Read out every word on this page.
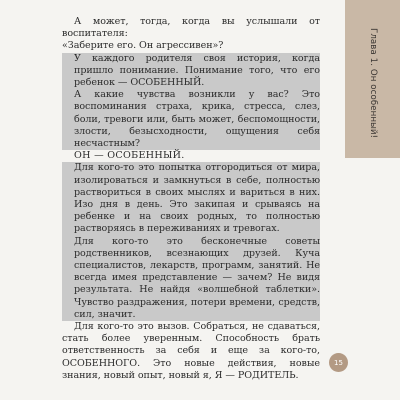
А может, тогда, когда вы услышали от воспитателя:
«Заберите его. Он агрессивен»?

У каждого родителя своя история, когда пришло понимание. Понимание того, что его ребенок — ОСОБЕННЫЙ.

А какие чувства возникли у вас? Это воспоминания страха, крика, стресса, слез, боли, тревоги или, быть может, беспомощности, злости, безысходности, ощущения себя несчастным?

ОН — ОСОБЕННЫЙ.

Для кого-то это попытка отгородиться от мира, изолироваться и замкнуться в себе, полностью раствориться в своих мыслях и вариться в них. Изо дня в день. Это закипая и срываясь на ребенке и на своих родных, то полностью растворяясь в переживаниях и тревогах.

Для кого-то это бесконечные советы родственников, всезнающих друзей. Куча специалистов, лекарств, программ, занятий. Не всегда имея представление — зачем? Не видя результата. Не найдя «волшебной таблетки». Чувство раздражения, потери времени, средств, сил, значит.

Для кого-то это вызов. Собраться, не сдаваться, стать более уверенным. Способность брать ответственность за себя и еще за кого-то, ОСОБЕННОГО. Это новые действия, новые знания, новый опыт, новый я, Я — РОДИТЕЛЬ.

Глава 1. Он особенный!
15
